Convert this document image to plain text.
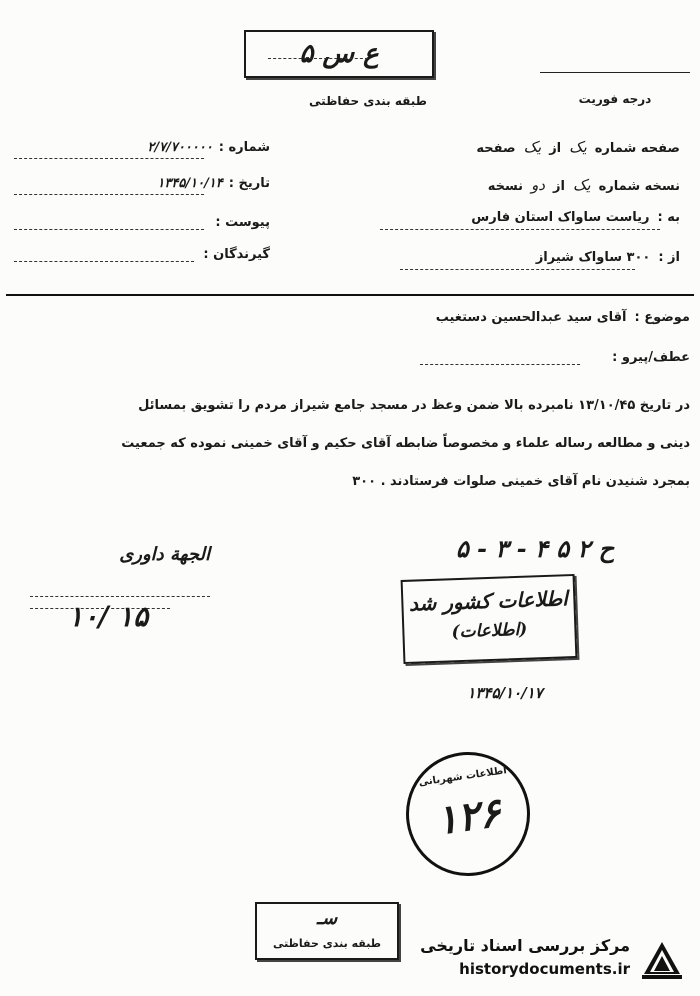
ع س ۵
طبقه بندی حفاظتی	درجه فوریت
شماره :
۲/۷/۷۰۰۰۰۰
تاریخ :
۱۳۴۵/۱۰/۱۴
پیوست :
گیرندگان :
صفحه شماره
یک
از
یک
صفحه
نسخه شماره
یک
از
دو
نسخه
به :
ریاست ساواک استان فارس
از :
۳۰۰ ساواک شیراز
موضوع :
آقای سید عبدالحسین دستغیب
عطف/پیرو :
در تاریخ ۱۳/۱۰/۴۵ نامبرده بالا ضمن وعظ در مسجد جامع شیراز مردم را تشویق بمسائل
دینی و مطالعه رساله علماء و مخصوصاً ضابطه آقای حکیم و آقای خمینی نموده که جمعیت
بمجرد شنیدن نام آقای خمینی صلوات فرستادند . ۳۰۰
الجهة داوری
۱۰/ ۱۵
ح ۲ ۵ ۴ - ۳ - ۵
اطلاعات کشور شد
(اطلاعات)
۱۳۴۵/۱۰/۱۷
اطلاعات شهربانی
۱۲۶
سـ
طبقه بندی حفاظتی	مرکز بررسی اسناد تاریخی
historydocuments.ir
